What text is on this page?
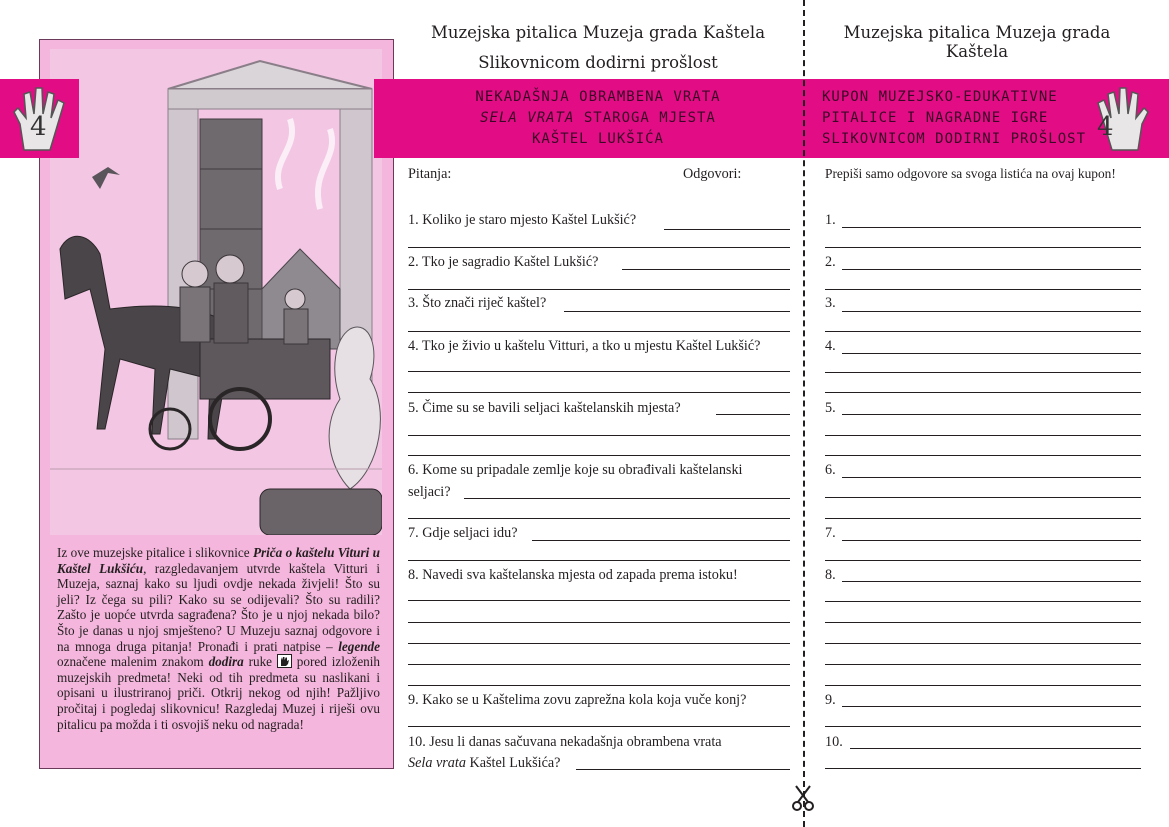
Iz ove muzejske pitalice i slikovnice Priča o kaštelu Vituri u Kaštel Lukšiću, razgledavanjem utvrde kaštela Vitturi i Muzeja, saznaj kako su ljudi ovdje nekada živjeli! Što su jeli? Iz čega su pili? Kako su se odijevali? Što su radili? Zašto je uopće utvrda sagrađena? Što je u njoj nekada bilo? Što je danas u njoj smješteno? U Muzeju saznaj odgovore i na mnoga druga pitanja! Pronađi i prati natpise – legende označene malenim znakom dodira ruke  pored izloženih muzejskih predmeta! Neki od tih predmeta su naslikani i opisani u ilustriranoj priči. Otkrij nekog od njih! Pažljivo pročitaj i pogledaj slikovnicu! Razgledaj Muzej i riješi ovu pitalicu pa možda i ti osvojiš neku od nagrada!
4	4
NEKADAŠNJA OBRAMBENA VRATA
SELA VRATA STAROGA MJESTA
KAŠTEL LUKŠIĆA
KUPON MUZEJSKO-EDUKATIVNE
PITALICE I NAGRADNE IGRE
SLIKOVNICOM DODIRNI PROŠLOST
Muzejska pitalica Muzeja grada Kaštela
Slikovnicom dodirni prošlost
Muzejska pitalica Muzeja grada Kaštela
Pitanja:	Odgovori:
1. Koliko je staro mjesto Kaštel Lukšić?
2. Tko je sagradio Kaštel Lukšić?
3. Što znači riječ kaštel?
4. Tko je živio u kaštelu Vitturi, a tko u mjestu Kaštel Lukšić?
5. Čime su se bavili seljaci kaštelanskih mjesta?
6. Kome su pripadale zemlje koje su obrađivali kaštelanski
seljaci?
7. Gdje seljaci idu?
8. Navedi sva kaštelanska mjesta od zapada prema istoku!
9. Kako se u Kaštelima zovu zaprežna kola koja vuče konj?
10. Jesu li danas sačuvana nekadašnja obrambena vrata
Sela vrata Kaštel Lukšića?
Prepiši samo odgovore sa svoga listića na ovaj kupon!
1.
2.
3.
4.
5.
6.
7.
8.
9.
10.
